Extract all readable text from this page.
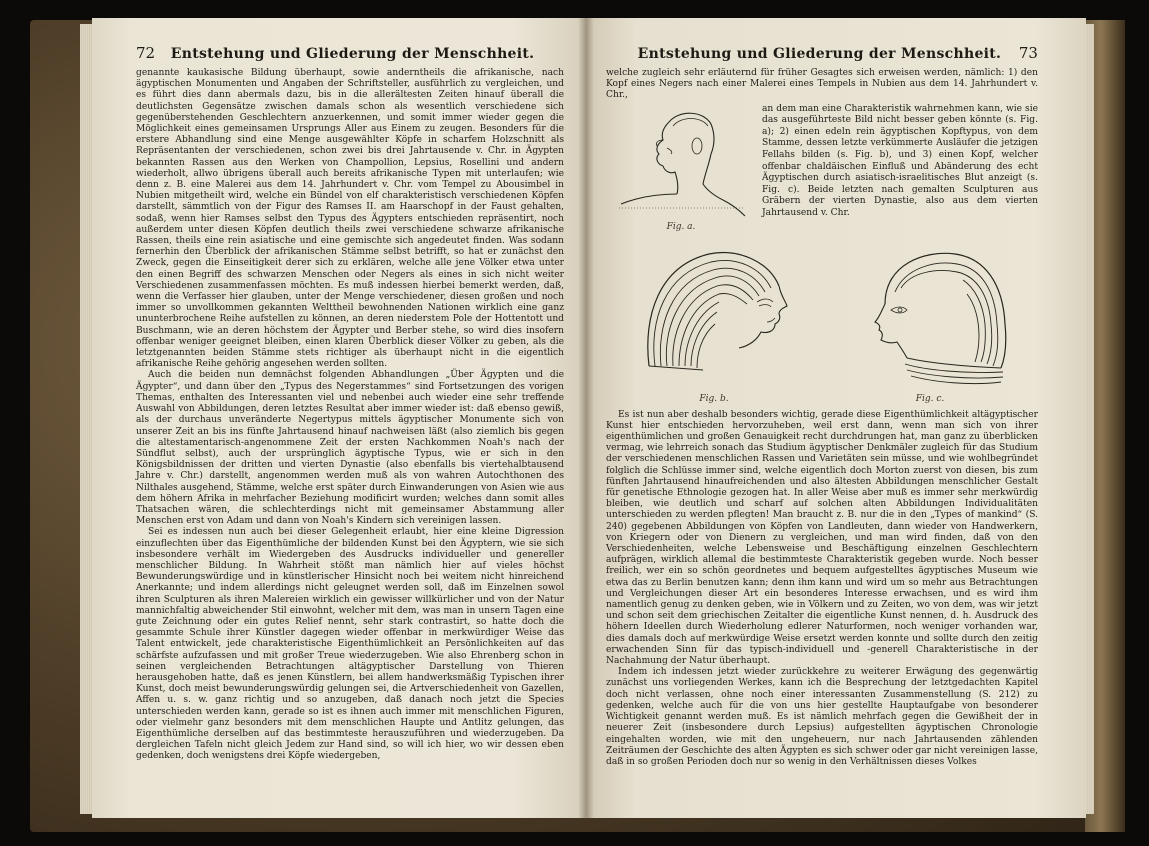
72 Entstehung und Gliederung der Menschheit.

genannte kaukasische Bildung überhaupt, sowie anderntheils die afrikanische, nach ägyptischen Monumenten und Angaben der Schriftsteller, ausführlich zu vergleichen, und es führt dies dann abermals dazu, bis in die allerältesten Zeiten hinauf überall die deutlichsten Gegensätze zwischen damals schon als wesentlich verschiedene sich gegenüberstehenden Geschlechtern anzuerkennen, und somit immer wieder gegen die Möglichkeit eines gemeinsamen Ursprungs Aller aus Einem zu zeugen. Besonders für die erstere Abhandlung sind eine Menge ausgewählter Köpfe in scharfem Holzschnitt als Repräsentanten der verschiedenen, schon zwei bis drei Jahrtausende v. Chr. in Ägypten bekannten Rassen aus den Werken von Champollion, Lepsius, Rosellini und andern wiederholt, allwo übrigens überall auch bereits afrikanische Typen mit unterlaufen; wie denn z. B. eine Malerei aus dem 14. Jahrhundert v. Chr. vom Tempel zu Abousimbel in Nubien mitgetheilt wird, welche ein Bündel von elf charakteristisch verschiedenen Köpfen darstellt, sämmtlich von der Figur des Ramses II. am Haarschopf in der Faust gehalten, sodaß, wenn hier Ramses selbst den Typus des Ägypters entschieden repräsentirt, noch außerdem unter diesen Köpfen deutlich theils zwei verschiedene schwarze afrikanische Rassen, theils eine rein asiatische und eine gemischte sich angedeutet finden. Was sodann fernerhin den Überblick der afrikanischen Stämme selbst betrifft, so hat er zunächst den Zweck, gegen die Einseitigkeit derer sich zu erklären, welche alle jene Völker etwa unter den einen Begriff des schwarzen Menschen oder Negers als eines in sich nicht weiter Verschiedenen zusammenfassen möchten. Es muß indessen hierbei bemerkt werden, daß, wenn die Verfasser hier glauben, unter der Menge verschiedener, diesen großen und noch immer so unvollkommen gekannten Welttheil bewohnenden Nationen wirklich eine ganz ununterbrochene Reihe aufstellen zu können, an deren niederstem Pole der Hottentott und Buschmann, wie an deren höchstem der Ägypter und Berber stehe, so wird dies insofern offenbar weniger geeignet bleiben, einen klaren Überblick dieser Völker zu geben, als die letztgenannten beiden Stämme stets richtiger als überhaupt nicht in die eigentlich afrikanische Reihe gehörig angesehen werden sollten.

Auch die beiden nun demnächst folgenden Abhandlungen „Über Ägypten und die Ägypter“, und dann über den „Typus des Negerstammes“ sind Fortsetzungen des vorigen Themas, enthalten des Interessanten viel und nebenbei auch wieder eine sehr treffende Auswahl von Abbildungen, deren letztes Resultat aber immer wieder ist: daß ebenso gewiß, als der durchaus unveränderte Negertypus mittels ägyptischer Monumente sich von unserer Zeit an bis ins fünfte Jahrtausend hinauf nachweisen läßt (also ziemlich bis gegen die altestamentarisch-angenommene Zeit der ersten Nachkommen Noah's nach der Sündflut selbst), auch der ursprünglich ägyptische Typus, wie er sich in den Königsbildnissen der dritten und vierten Dynastie (also ebenfalls bis viertehalbtausend Jahre v. Chr.) darstellt, angenommen werden muß als von wahren Autochthonen des Nilthales ausgehend, Stämme, welche erst später durch Einwanderungen von Asien wie aus dem höhern Afrika in mehrfacher Beziehung modificirt wurden; welches dann somit alles Thatsachen wären, die schlechterdings nicht mit gemeinsamer Abstammung aller Menschen erst von Adam und dann von Noah's Kindern sich vereinigen lassen.

Sei es indessen nun auch bei dieser Gelegenheit erlaubt, hier eine kleine Digression einzuflechten über das Eigenthümliche der bildenden Kunst bei den Ägyptern, wie sie sich insbesondere verhält im Wiedergeben des Ausdrucks individueller und genereller menschlicher Bildung. In Wahrheit stößt man nämlich hier auf vieles höchst Bewunderungswürdige und in künstlerischer Hinsicht noch bei weitem nicht hinreichend Anerkannte; und indem allerdings nicht geleugnet werden soll, daß im Einzelnen sowol ihren Sculpturen als ihren Malereien wirklich ein gewisser willkürlicher und von der Natur mannichfaltig abweichender Stil einwohnt, welcher mit dem, was man in unsern Tagen eine gute Zeichnung oder ein gutes Relief nennt, sehr stark contrastirt, so hatte doch die gesammte Schule ihrer Künstler dagegen wieder offenbar in merkwürdiger Weise das Talent entwickelt, jede charakteristische Eigenthümlichkeit an Persönlichkeiten auf das schärfste aufzufassen und mit großer Treue wiederzugeben. Wie also Ehrenberg schon in seinen vergleichenden Betrachtungen altägyptischer Darstellung von Thieren herausgehoben hatte, daß es jenen Künstlern, bei allem handwerksmäßig Typischen ihrer Kunst, doch meist bewunderungswürdig gelungen sei, die Artverschiedenheit von Gazellen, Affen u. s. w. ganz richtig und so anzugeben, daß danach noch jetzt die Species unterschieden werden kann, gerade so ist es ihnen auch immer mit menschlichen Figuren, oder vielmehr ganz besonders mit dem menschlichen Haupte und Antlitz gelungen, das Eigenthümliche derselben auf das bestimmteste herauszuführen und wiederzugeben. Da dergleichen Tafeln nicht gleich Jedem zur Hand sind, so will ich hier, wo wir dessen eben gedenken, doch wenigstens drei Köpfe wiedergeben,

Entstehung und Gliederung der Menschheit. 73

welche zugleich sehr erläuternd für früher Gesagtes sich erweisen werden, nämlich: 1) den Kopf eines Negers nach einer Malerei eines Tempels in Nubien aus dem 14. Jahrhundert v. Chr.,

Fig. a.
an dem man eine Charakteristik wahrnehmen kann, wie sie das ausgeführteste Bild nicht besser geben könnte (s. Fig. a); 2) einen edeln rein ägyptischen Kopftypus, von dem Stamme, dessen letzte verkümmerte Ausläufer die jetzigen Fellahs bilden (s. Fig. b), und 3) einen Kopf, welcher offenbar chaldäischen Einfluß und Abänderung des echt Ägyptischen durch asiatisch-israelitisches Blut anzeigt (s. Fig. c). Beide letzten nach gemalten Sculpturen aus Gräbern der vierten Dynastie, also aus dem vierten Jahrtausend v. Chr.
Fig. b.	Fig. c.

Es ist nun aber deshalb besonders wichtig, gerade diese Eigenthümlichkeit altägyptischer Kunst hier entschieden hervorzuheben, weil erst dann, wenn man sich von ihrer eigenthümlichen und großen Genauigkeit recht durchdrungen hat, man ganz zu überblicken vermag, wie lehrreich sonach das Studium ägyptischer Denkmäler zugleich für das Studium der verschiedenen menschlichen Rassen und Varietäten sein müsse, und wie wohlbegründet folglich die Schlüsse immer sind, welche eigentlich doch Morton zuerst von diesen, bis zum fünften Jahrtausend hinaufreichenden und also ältesten Abbildungen menschlicher Gestalt für genetische Ethnologie gezogen hat. In aller Weise aber muß es immer sehr merkwürdig bleiben, wie deutlich und scharf auf solchen alten Abbildungen Individualitäten unterschieden zu werden pflegten! Man braucht z. B. nur die in den „Types of mankind“ (S. 240) gegebenen Abbildungen von Köpfen von Landleuten, dann wieder von Handwerkern, von Kriegern oder von Dienern zu vergleichen, und man wird finden, daß von den Verschiedenheiten, welche Lebensweise und Beschäftigung einzelnen Geschlechtern aufprägen, wirklich allemal die bestimmteste Charakteristik gegeben wurde. Noch besser freilich, wer ein so schön geordnetes und bequem aufgestelltes ägyptisches Museum wie etwa das zu Berlin benutzen kann; denn ihm kann und wird um so mehr aus Betrachtungen und Vergleichungen dieser Art ein besonderes Interesse erwachsen, und es wird ihm namentlich genug zu denken geben, wie in Völkern und zu Zeiten, wo von dem, was wir jetzt und schon seit dem griechischen Zeitalter die eigentliche Kunst nennen, d. h. Ausdruck des höhern Ideellen durch Wiederholung edlerer Naturformen, noch weniger vorhanden war, dies damals doch auf merkwürdige Weise ersetzt werden konnte und sollte durch den zeitig erwachenden Sinn für das typisch-individuell und -generell Charakteristische in der Nachahmung der Natur überhaupt.

Indem ich indessen jetzt wieder zurückkehre zu weiterer Erwägung des gegenwärtig zunächst uns vorliegenden Werkes, kann ich die Besprechung der letztgedachten Kapitel doch nicht verlassen, ohne noch einer interessanten Zusammenstellung (S. 212) zu gedenken, welche auch für die von uns hier gestellte Hauptaufgabe von besonderer Wichtigkeit genannt werden muß. Es ist nämlich mehrfach gegen die Gewißheit der in neuerer Zeit (insbesondere durch Lepsius) aufgestellten ägyptischen Chronologie eingehalten worden, wie mit den ungeheuern, nur nach Jahrtausenden zählenden Zeiträumen der Geschichte des alten Ägypten es sich schwer oder gar nicht vereinigen lasse, daß in so großen Perioden doch nur so wenig in den Verhältnissen dieses Volkes
